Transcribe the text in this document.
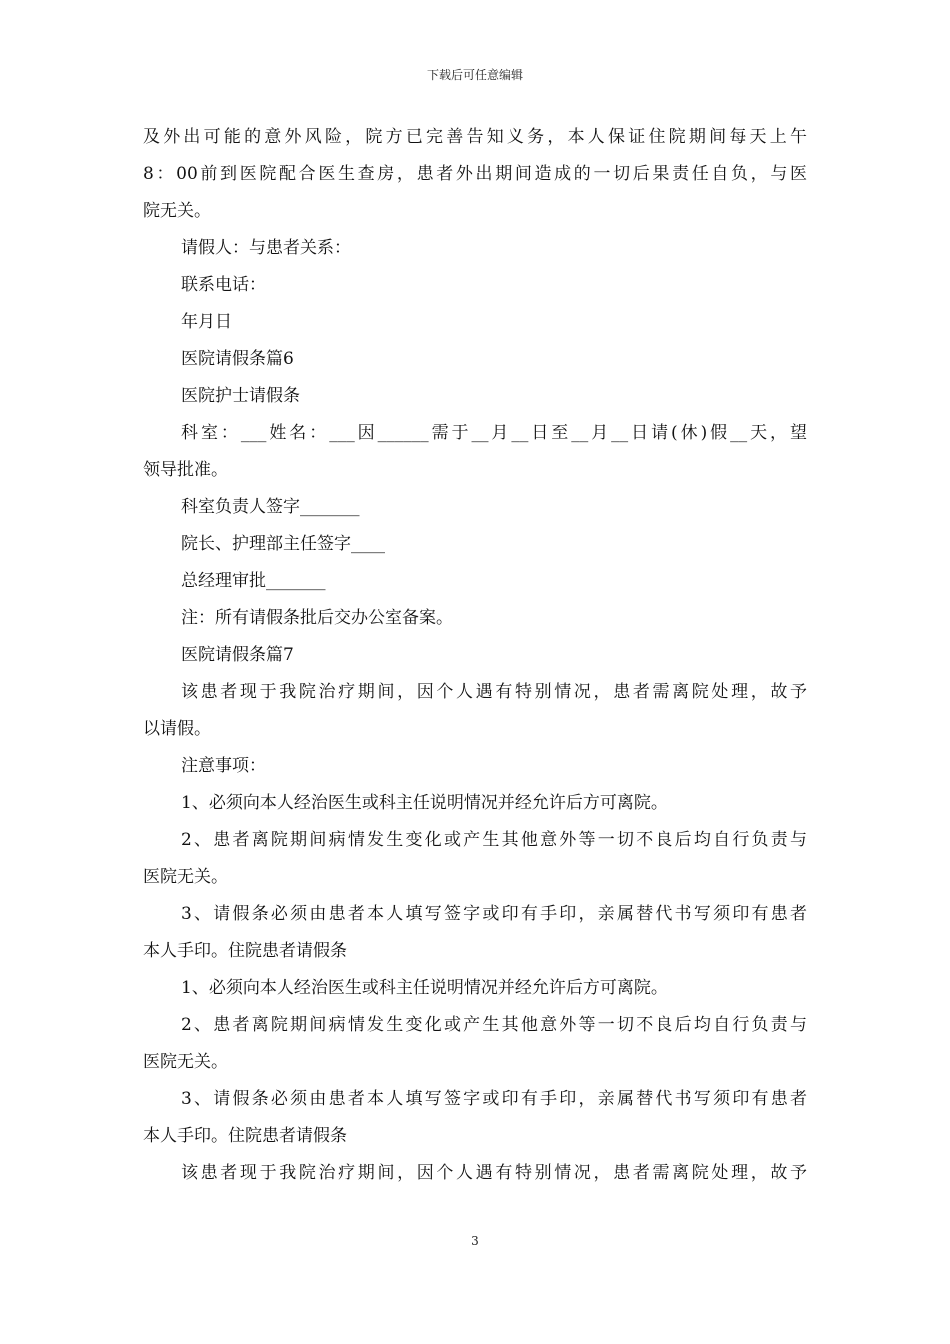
下载后可任意编辑
及外出可能的意外风险，院方已完善告知义务，本人保证住院期间每天上午
8：00前到医院配合医生查房，患者外出期间造成的一切后果责任自负，与医
院无关。
请假人：与患者关系：
联系电话：
年月日
医院请假条篇6
医院护士请假条
科室：___姓名：___因______需于__月__日至__月__日请(休)假__天，望
领导批准。
科室负责人签字_______
院长、护理部主任签字____
总经理审批_______
注：所有请假条批后交办公室备案。
医院请假条篇7
该患者现于我院治疗期间，因个人遇有特别情况，患者需离院处理，故予
以请假。
注意事项：
1、必须向本人经治医生或科主任说明情况并经允许后方可离院。
2、患者离院期间病情发生变化或产生其他意外等一切不良后均自行负责与
医院无关。
3、请假条必须由患者本人填写签字或印有手印，亲属替代书写须印有患者
本人手印。住院患者请假条
1、必须向本人经治医生或科主任说明情况并经允许后方可离院。
2、患者离院期间病情发生变化或产生其他意外等一切不良后均自行负责与
医院无关。
3、请假条必须由患者本人填写签字或印有手印，亲属替代书写须印有患者
本人手印。住院患者请假条
该患者现于我院治疗期间，因个人遇有特别情况，患者需离院处理，故予
3
